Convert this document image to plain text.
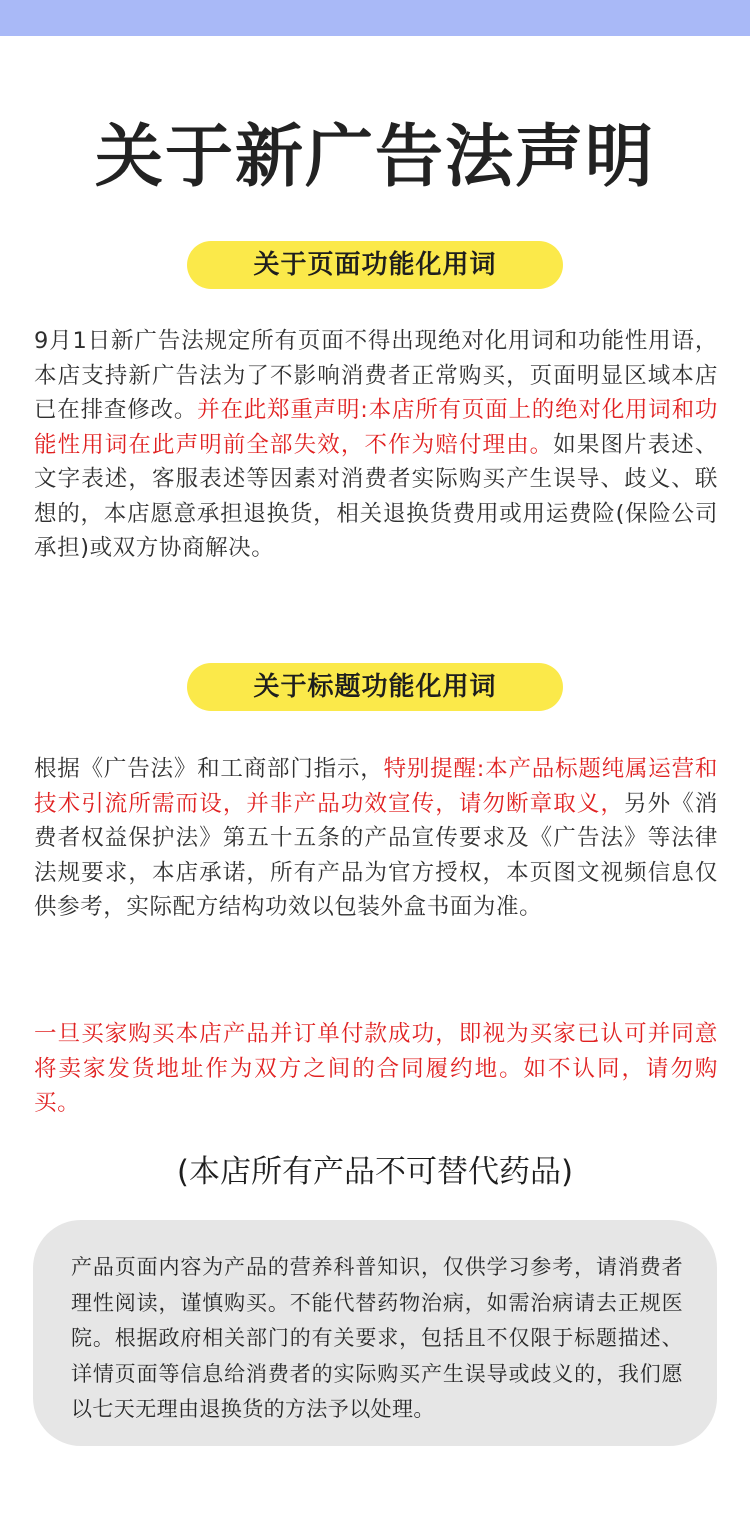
关于新广告法声明
关于页面功能化用词
9月1日新广告法规定所有页面不得出现绝对化用词和功能性用语，本店支持新广告法为了不影响消费者正常购买，页面明显区域本店已在排查修改。并在此郑重声明:本店所有页面上的绝对化用词和功能性用词在此声明前全部失效，不作为赔付理由。如果图片表述、文字表述，客服表述等因素对消费者实际购买产生误导、歧义、联想的，本店愿意承担退换货，相关退换货费用或用运费险(保险公司承担)或双方协商解决。
关于标题功能化用词
根据《广告法》和工商部门指示，特别提醒:本产品标题纯属运营和技术引流所需而设，并非产品功效宣传，请勿断章取义，另外《消费者权益保护法》第五十五条的产品宣传要求及《广告法》等法律法规要求，本店承诺，所有产品为官方授权，本页图文视频信息仅供参考，实际配方结构功效以包装外盒书面为准。
一旦买家购买本店产品并订单付款成功，即视为买家已认可并同意将卖家发货地址作为双方之间的合同履约地。如不认同，请勿购买。
(本店所有产品不可替代药品)
产品页面内容为产品的营养科普知识，仅供学习参考，请消费者理性阅读，谨慎购买。不能代替药物治病，如需治病请去正规医院。根据政府相关部门的有关要求，包括且不仅限于标题描述、详情页面等信息给消费者的实际购买产生误导或歧义的，我们愿以七天无理由退换货的方法予以处理。
